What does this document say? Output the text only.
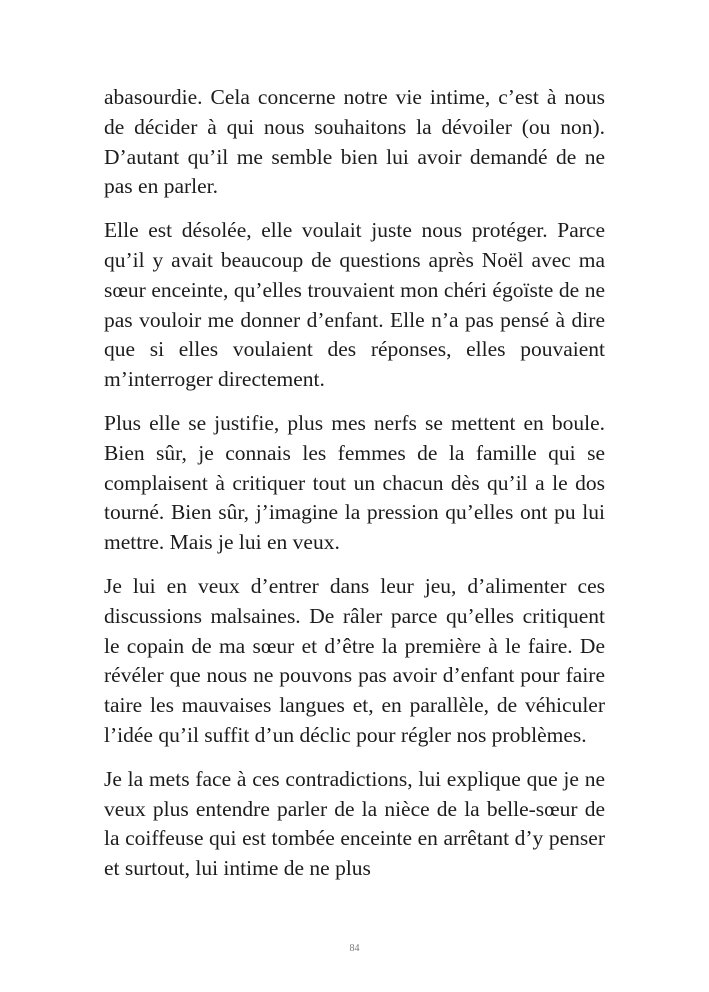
abasourdie. Cela concerne notre vie intime, c’est à nous de décider à qui nous souhaitons la dévoiler (ou non). D’autant qu’il me semble bien lui avoir demandé de ne pas en parler.

Elle est désolée, elle voulait juste nous protéger. Parce qu’il y avait beaucoup de questions après Noël avec ma sœur enceinte, qu’elles trouvaient mon chéri égoïste de ne pas vouloir me donner d’enfant. Elle n’a pas pensé à dire que si elles voulaient des réponses, elles pouvaient m’interroger directement.

Plus elle se justifie, plus mes nerfs se mettent en boule. Bien sûr, je connais les femmes de la famille qui se complaisent à critiquer tout un chacun dès qu’il a le dos tourné. Bien sûr, j’imagine la pression qu’elles ont pu lui mettre. Mais je lui en veux.

Je lui en veux d’entrer dans leur jeu, d’alimenter ces discussions malsaines. De râler parce qu’elles critiquent le copain de ma sœur et d’être la première à le faire. De révéler que nous ne pouvons pas avoir d’enfant pour faire taire les mauvaises langues et, en parallèle, de véhiculer l’idée qu’il suffit d’un déclic pour régler nos problèmes.

Je la mets face à ces contradictions, lui explique que je ne veux plus entendre parler de la nièce de la belle-sœur de la coiffeuse qui est tombée enceinte en arrêtant d’y penser et surtout, lui intime de ne plus

84
